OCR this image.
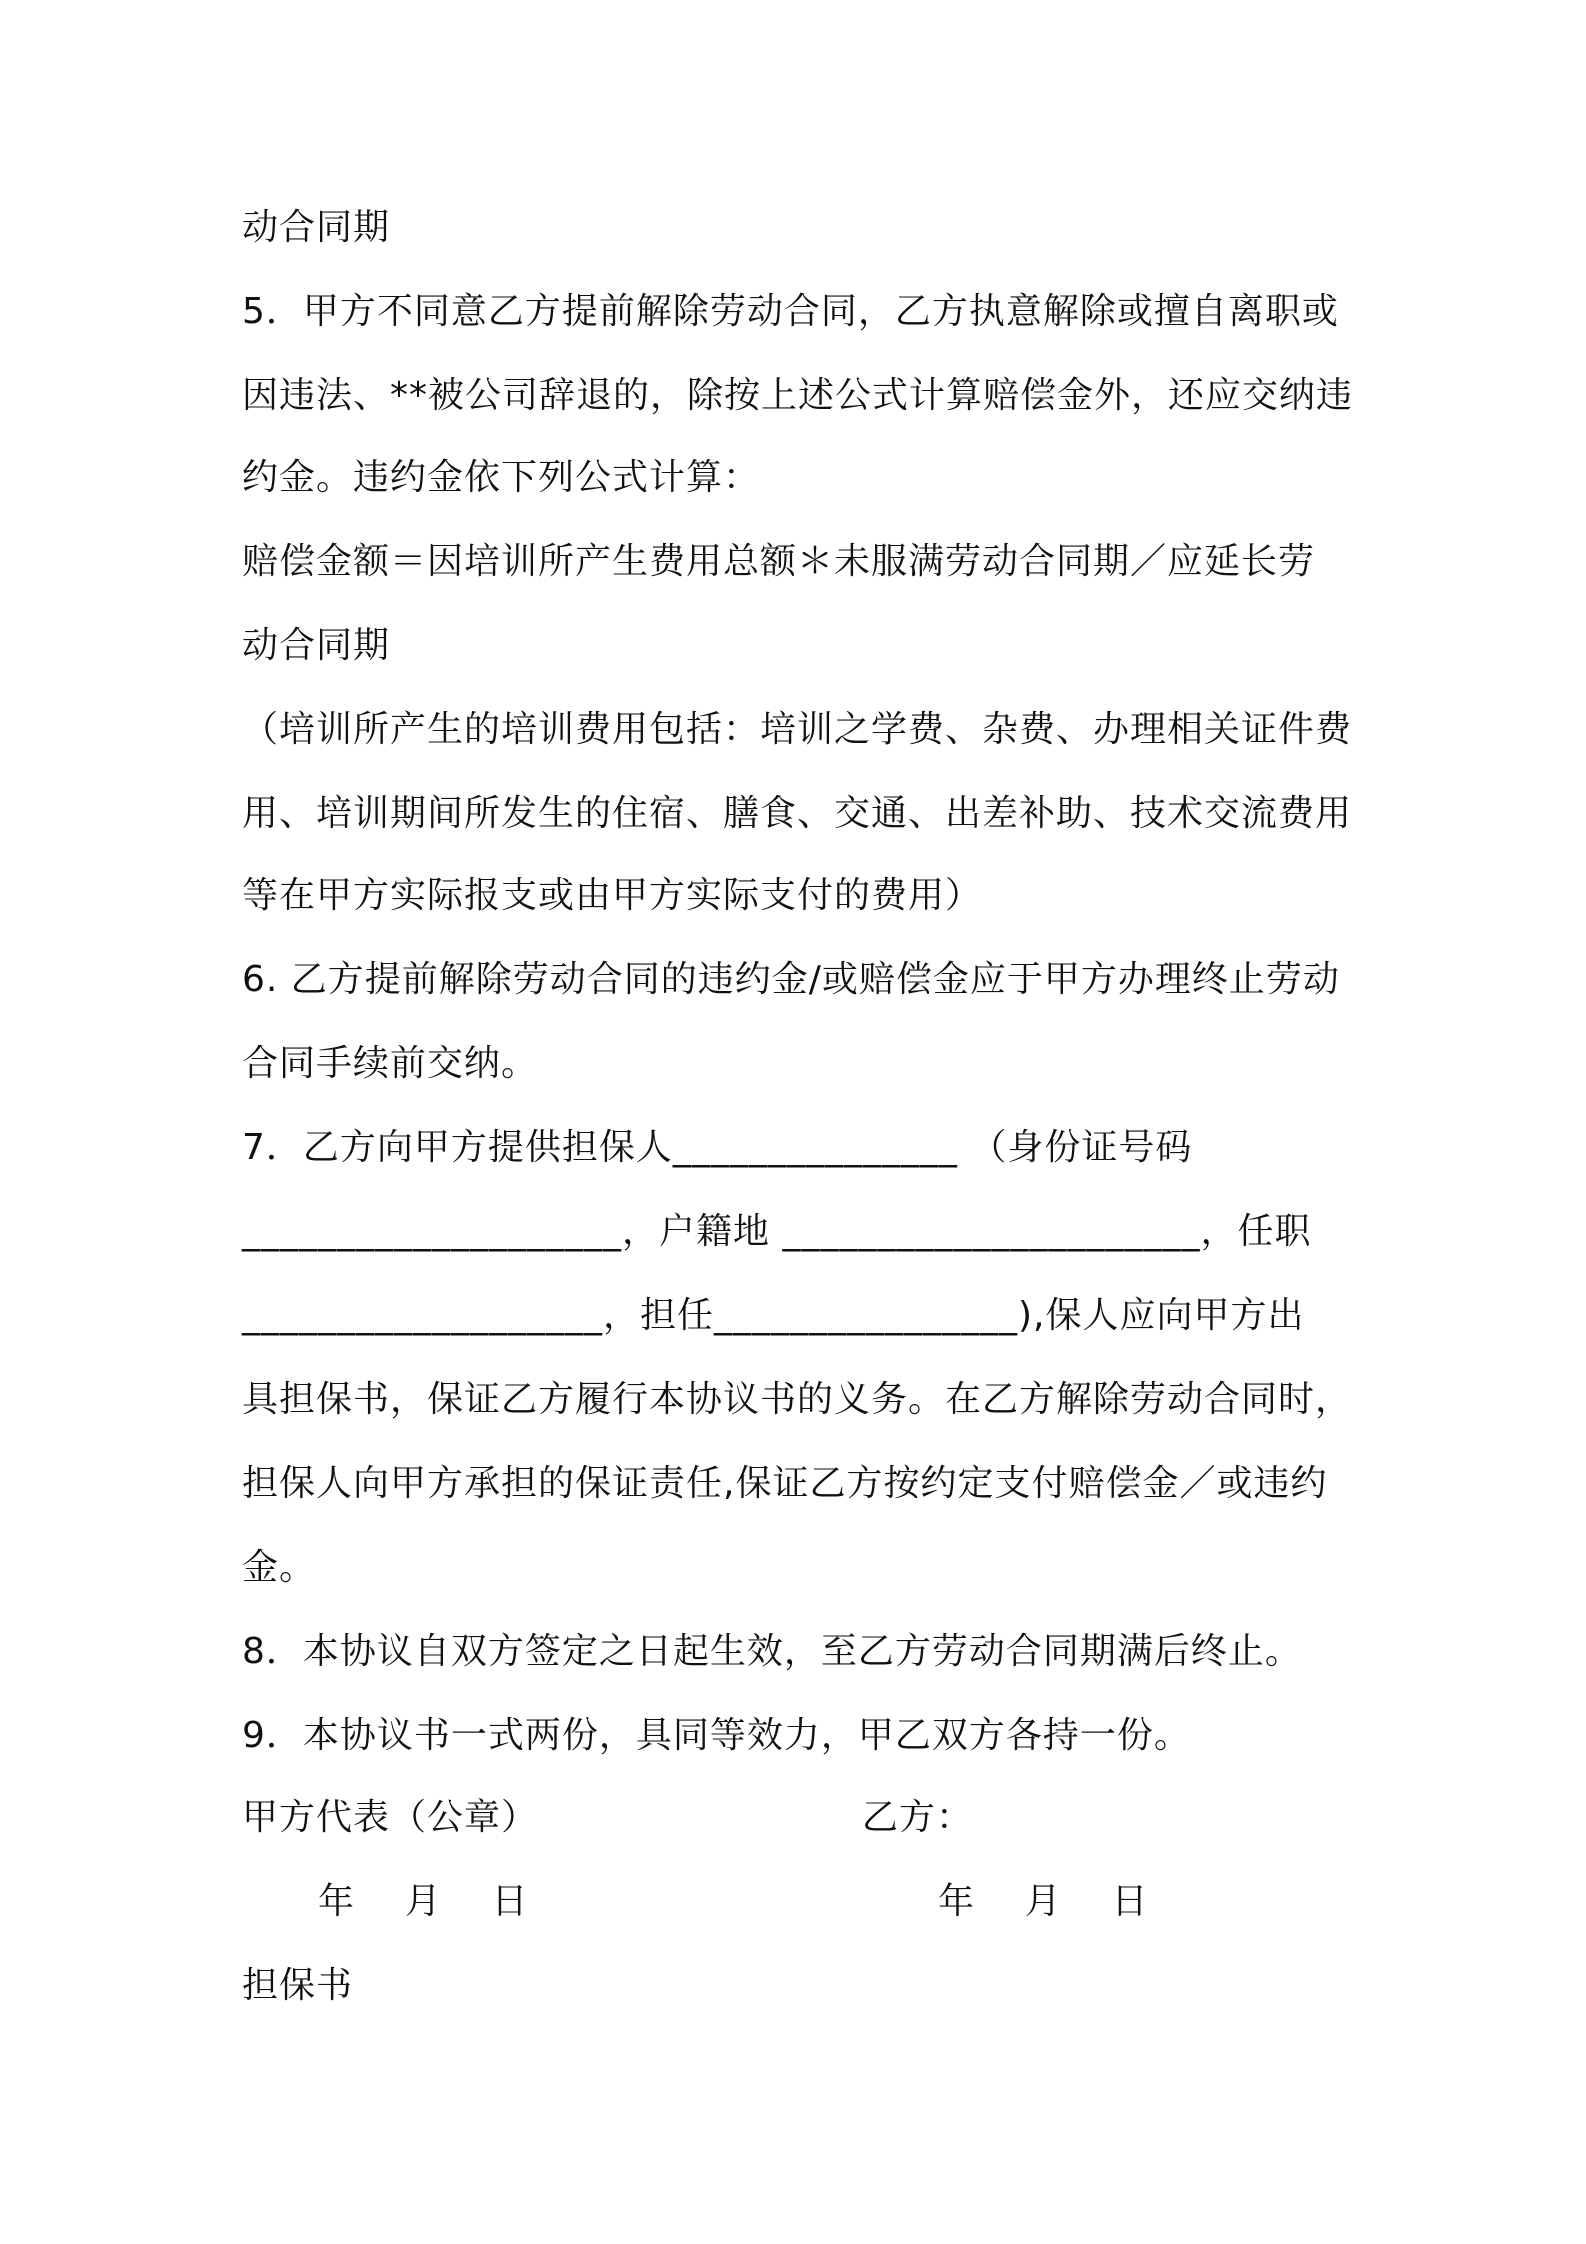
动合同期
5．甲方不同意乙方提前解除劳动合同，乙方执意解除或擅自离职或
因违法、**被公司辞退的，除按上述公式计算赔偿金外，还应交纳违
约金。违约金依下列公式计算：
赔偿金额＝因培训所产生费用总额＊未服满劳动合同期／应延长劳
动合同期
（培训所产生的培训费用包括：培训之学费、杂费、办理相关证件费
用、培训期间所发生的住宿、膳食、交通、出差补助、技术交流费用
等在甲方实际报支或由甲方实际支付的费用）
6. 乙方提前解除劳动合同的违约金/或赔偿金应于甲方办理终止劳动
合同手续前交纳。
7．乙方向甲方提供担保人_______________ （身份证号码
____________________，户籍地 ______________________，任职
___________________，担任________________),保人应向甲方出
具担保书，保证乙方履行本协议书的义务。在乙方解除劳动合同时，
担保人向甲方承担的保证责任,保证乙方按约定支付赔偿金／或违约
金。
8．本协议自双方签定之日起生效，至乙方劳动合同期满后终止。
9．本协议书一式两份，具同等效力，甲乙双方各持一份。
甲方代表（公章）	乙方：

年    月    日

	年    月    日

担保书
